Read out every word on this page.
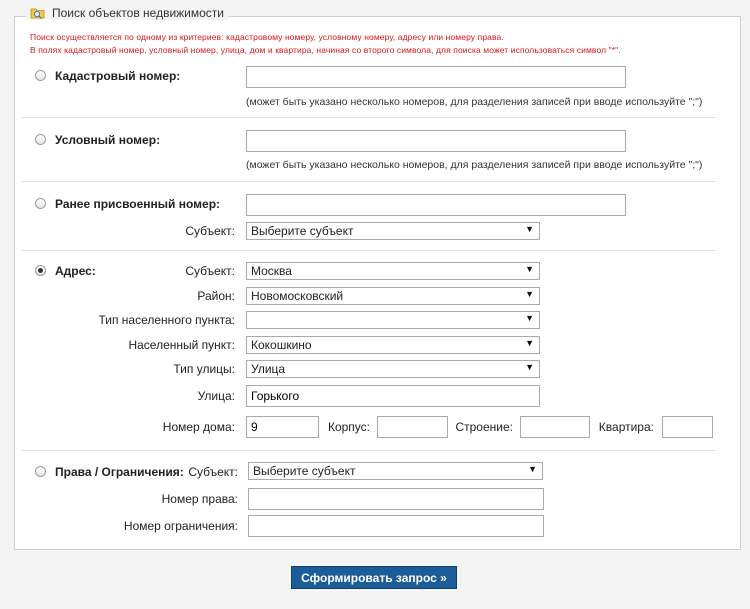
Поиск объектов недвижимости
Поиск осуществляется по одному из критериев: кадастровому номеру, условному номеру, адресу или номеру права.
В полях кадастровый номер, условный номер, улица, дом и квартира, начиная со второго символа, для поиска может использоваться символ "*".
Кадастровый номер:
(может быть указано несколько номеров, для разделения записей при вводе используйте ";")
Условный номер:
(может быть указано несколько номеров, для разделения записей при вводе используйте ";")
Ранее присвоенный номер:
Субъект:	Выберите субъект	▼
Адрес:	Субъект:	Москва	▼
Район:	Новомосковский	▼
Тип населенного пункта:	▼
Населенный пункт:	Кокошкино	▼
Тип улицы:	Улица	▼
Улица:
Горького
Номер дома:
9	Корпус:	Строение:	Квартира:
Права / Ограничения: Субъект:	Выберите субъект	▼
Номер права:
Номер ограничения:
Сформировать запрос »
